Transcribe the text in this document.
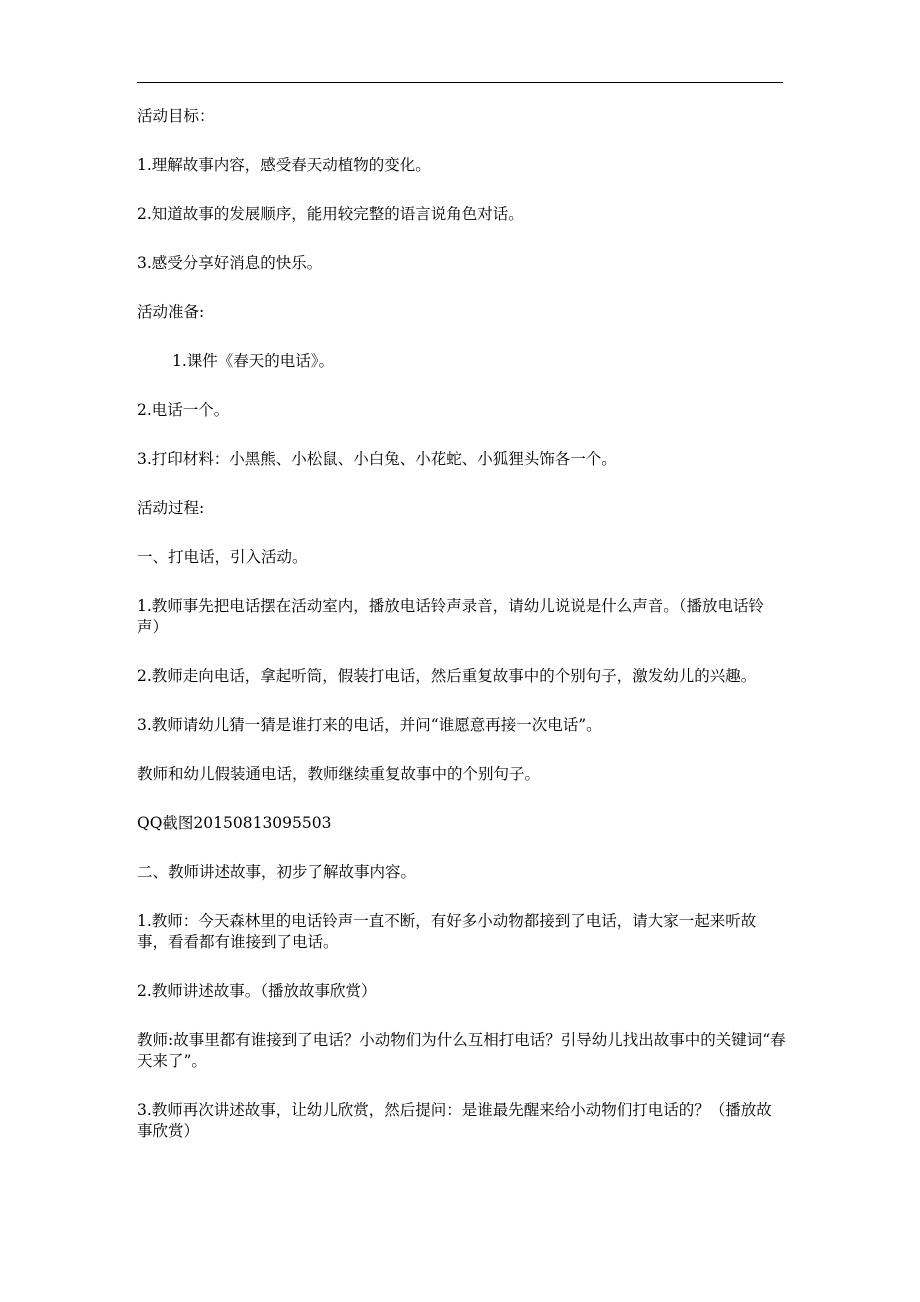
活动目标：

1.理解故事内容，感受春天动植物的变化。

2.知道故事的发展顺序，能用较完整的语言说角色对话。

3.感受分享好消息的快乐。

活动准备:

1.课件《春天的电话》。

2.电话一个。

3.打印材料：小黑熊、小松鼠、小白兔、小花蛇、小狐狸头饰各一个。

活动过程:

一、打电话，引入活动。

1.教师事先把电话摆在活动室内，播放电话铃声录音，请幼儿说说是什么声音。（播放电话铃声）

2.教师走向电话，拿起听筒，假装打电话，然后重复故事中的个别句子，激发幼儿的兴趣。

3.教师请幼儿猜一猜是谁打来的电话，并问“谁愿意再接一次电话”。

教师和幼儿假装通电话，教师继续重复故事中的个别句子。

QQ截图20150813095503

二、教师讲述故事，初步了解故事内容。

1.教师：今天森林里的电话铃声一直不断，有好多小动物都接到了电话，请大家一起来听故事，看看都有谁接到了电话。

2.教师讲述故事。（播放故事欣赏）

教师:故事里都有谁接到了电话？小动物们为什么互相打电话？引导幼儿找出故事中的关键词“春天来了”。

3.教师再次讲述故事，让幼儿欣赏，然后提问：是谁最先醒来给小动物们打电话的？（播放故事欣赏）
